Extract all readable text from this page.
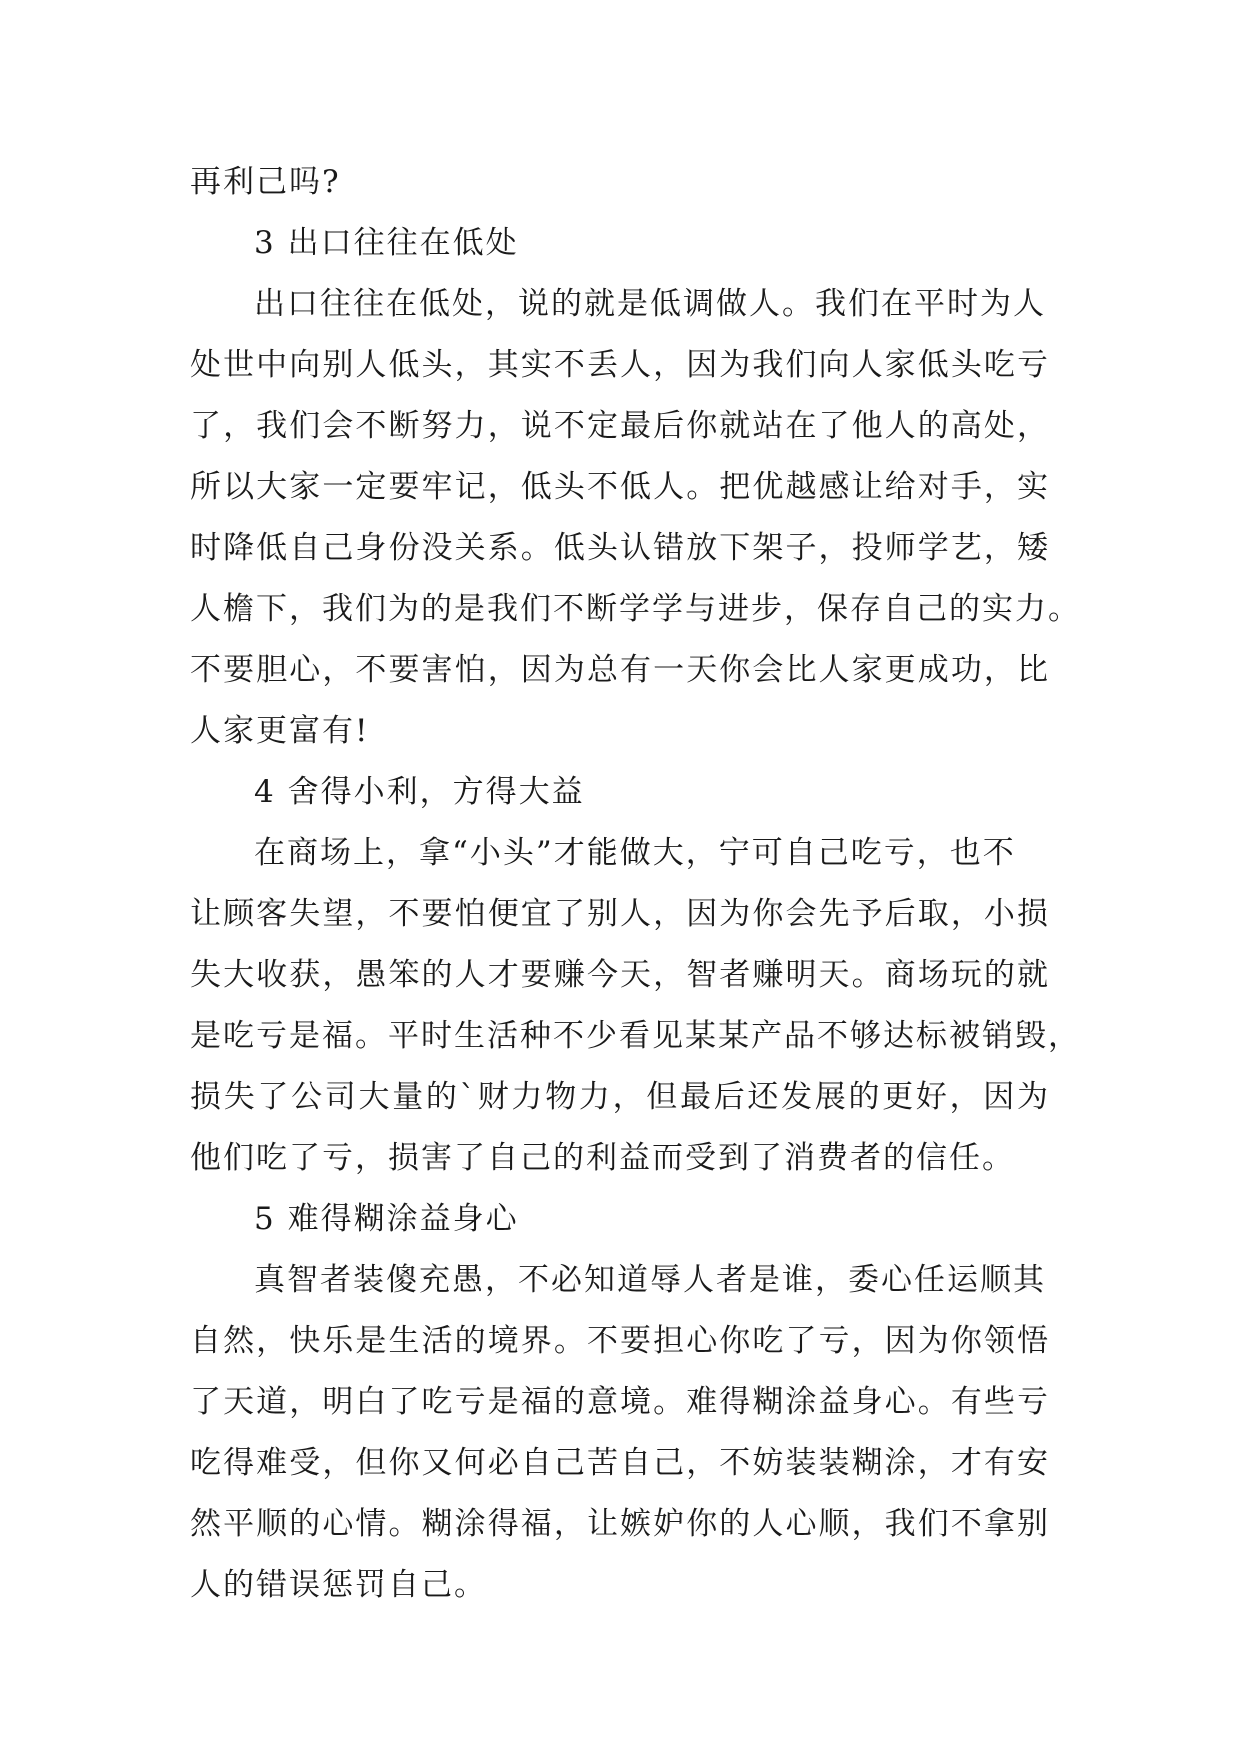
再利己吗?
3 出口往往在低处
出口往往在低处，说的就是低调做人。我们在平时为人
处世中向别人低头，其实不丢人，因为我们向人家低头吃亏
了，我们会不断努力，说不定最后你就站在了他人的高处，
所以大家一定要牢记，低头不低人。把优越感让给对手，实
时降低自己身份没关系。低头认错放下架子，投师学艺，矮
人檐下，我们为的是我们不断学学与进步，保存自己的实力。
不要胆心，不要害怕，因为总有一天你会比人家更成功，比
人家更富有!
4 舍得小利，方得大益
在商场上，拿“小头”才能做大，宁可自己吃亏，也不
让顾客失望，不要怕便宜了别人，因为你会先予后取，小损
失大收获，愚笨的人才要赚今天，智者赚明天。商场玩的就
是吃亏是福。平时生活种不少看见某某产品不够达标被销毁，
损失了公司大量的`财力物力，但最后还发展的更好，因为
他们吃了亏，损害了自己的利益而受到了消费者的信任。
5 难得糊涂益身心
真智者装傻充愚，不必知道辱人者是谁，委心任运顺其
自然，快乐是生活的境界。不要担心你吃了亏，因为你领悟
了天道，明白了吃亏是福的意境。难得糊涂益身心。有些亏
吃得难受，但你又何必自己苦自己，不妨装装糊涂，才有安
然平顺的心情。糊涂得福，让嫉妒你的人心顺，我们不拿别
人的错误惩罚自己。
